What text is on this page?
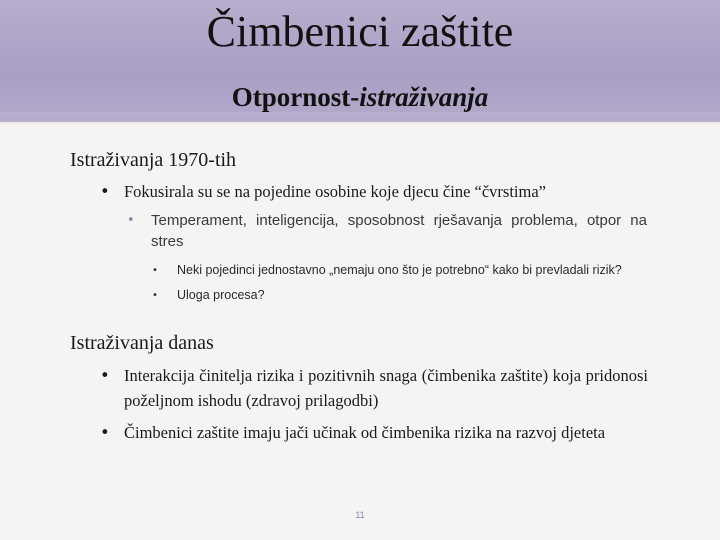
Čimbenici zaštite
Otpornost-istraživanja
Istraživanja 1970-tih
• Fokusirala su se na pojedine osobine koje djecu čine “čvrstima”
•	Temperament, inteligencija, sposobnost rješavanja problema, otpor na stres
•	Neki pojedinci jednostavno „nemaju ono što je potrebno“ kako bi prevladali rizik?
•	Uloga procesa?
Istraživanja danas
• Interakcija činitelja rizika i pozitivnih snaga (čimbenika zaštite) koja pridonosi poželjnom ishodu (zdravoj prilagodbi)
• Čimbenici zaštite imaju jači učinak od čimbenika rizika na razvoj djeteta
11
